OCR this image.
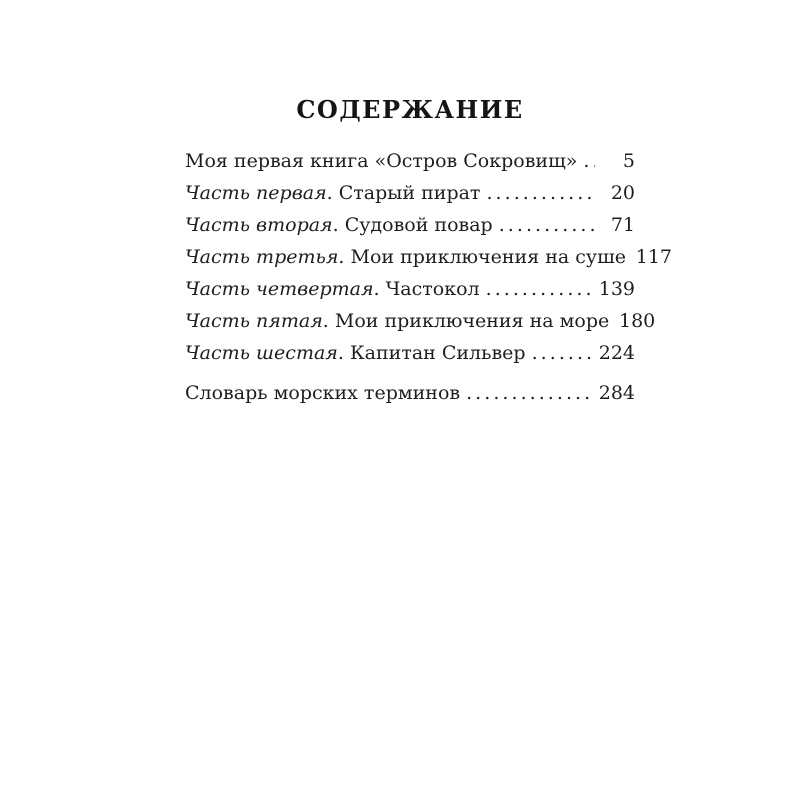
СОДЕРЖАНИЕ
Моя первая книга «Остров Сокровищ» . . .	5
Часть первая. Старый пират . . .	20
Часть вторая. Судовой повар . . .	71
Часть третья. Мои приключения на суше 117
Часть четвертая. Частокол . . .	139
Часть пятая. Мои приключения на море 180
Часть шестая. Капитан Сильвер . . .	224
Словарь морских терминов . . .	284
